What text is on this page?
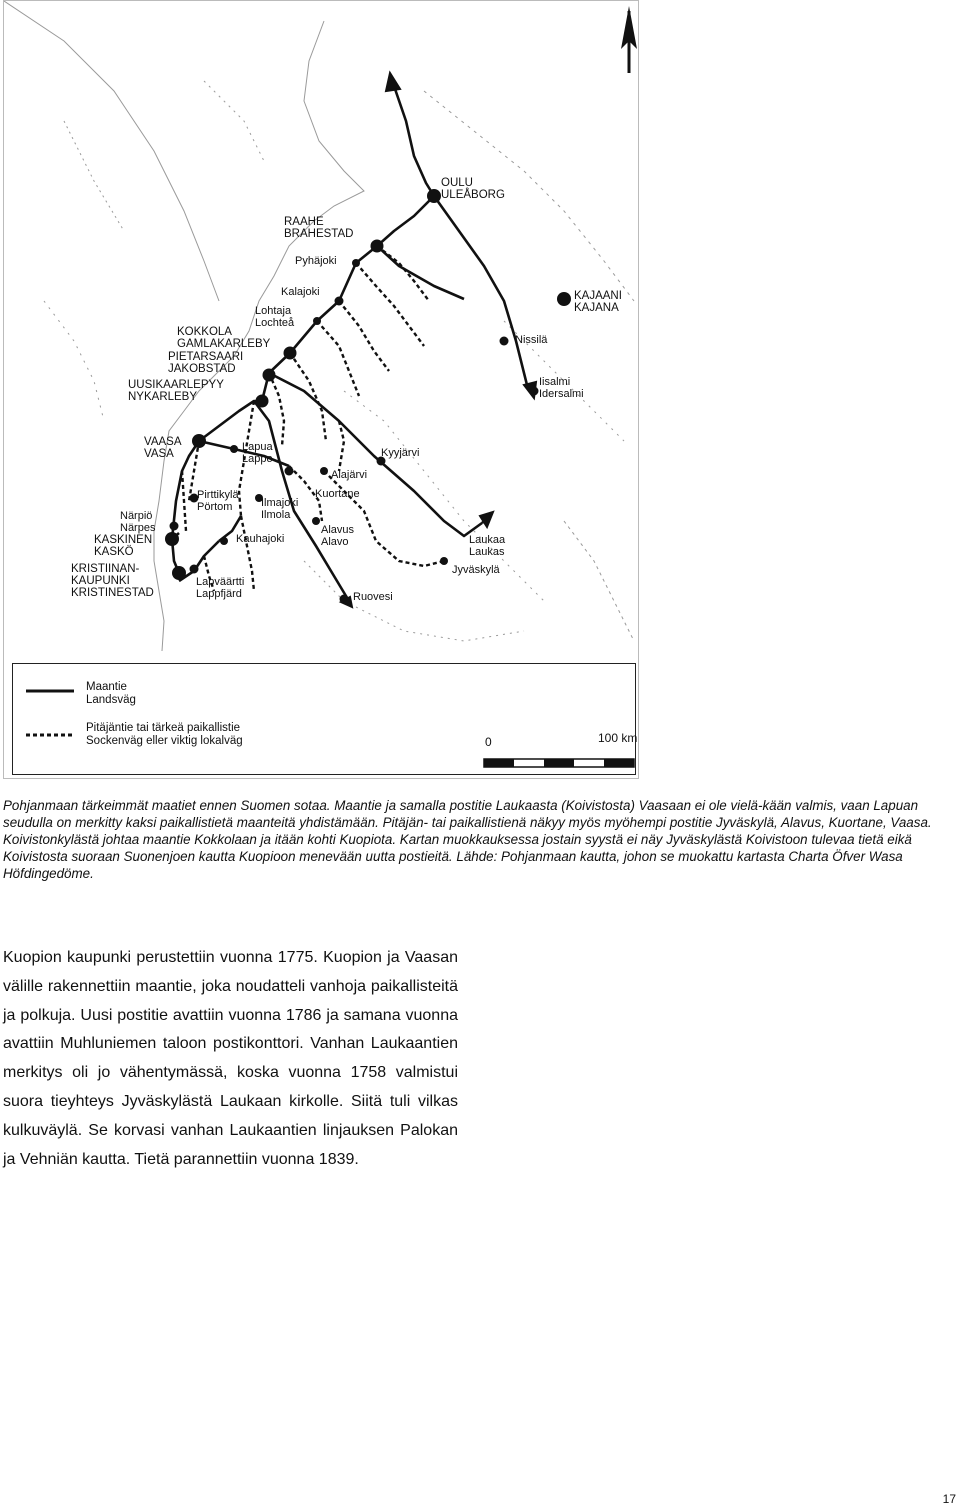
Maantie
Landsväg
Pitäjäntie tai tärkeä paikallistie
Sockenväg eller viktig lokalväg	0	100 km
OULU
ULEÅBORG
RAAHE
BRAHESTAD
Pyhäjoki
Kalajoki
Lohtaja
Lochteå
KOKKOLA
GAMLAKARLEBY
PIETARSAARI
JAKOBSTAD
UUSIKAARLEPYY
NYKARLEBY
KAJAANI
KAJANA
Nissilä
Iisalmi
Idersalmi
VAASA
VASA
Lapua
Lappo	Kyyjärvi
Alajärvi
Kuortane
Pirttikylä
Pörtom	Ilmajoki
Ilmola
Närpiö
Närpes
KASKINEN
KASKÖ
Kauhajoki
Alavus
Alavo	Laukaa
Laukas
Jyväskylä
KRISTIINAN-
KAUPUNKI
KRISTINESTAD
Lapväärtti
Lappfjärd	Ruovesi

Pohjanmaan tärkeimmät maatiet ennen Suomen sotaa. Maantie ja samalla postitie Laukaasta (Koivistosta) Vaasaan ei ole vielä-kään valmis, vaan Lapuan seudulla on merkitty kaksi paikallistietä maanteitä yhdistämään. Pitäjän- tai paikallistienä näkyy myös myöhempi postitie Jyväskylä, Alavus, Kuortane, Vaasa. Koivistonkylästä johtaa maantie Kokkolaan ja itään kohti Kuopiota. Kartan muokkauksessa jostain syystä ei näy Jyväskylästä Koivistoon tulevaa tietä eikä Koivistosta suoraan Suonenjoen kautta Kuopioon menevään uutta postieitä. Lähde: Pohjanmaan kautta, johon se muokattu kartasta Charta Öfver Wasa Höfdingedöme.

Kuopion kaupunki perustettiin vuonna 1775. Kuopion ja Vaasan välille rakennettiin maantie, joka noudatteli vanhoja paikallisteitä ja polkuja. Uusi postitie avattiin vuonna 1786 ja samana vuonna avattiin Muhluniemen taloon postikonttori. Vanhan Laukaantien merkitys oli jo vähentymässä, koska vuonna 1758 valmistui suora tieyhteys Jyväskylästä Laukaan kirkolle. Siitä tuli vilkas kulkuväylä. Se korvasi vanhan Laukaantien linjauksen Palokan ja Vehniän kautta. Tietä parannettiin vuonna 1839.

17
